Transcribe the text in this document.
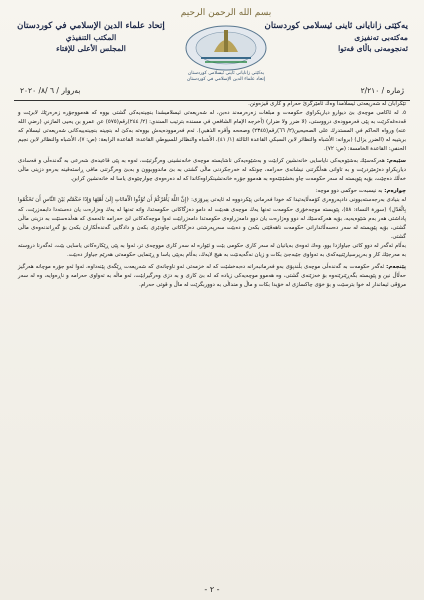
بسم الله الرحمن الرحيم
یەکێتی زانایانی ئاینی ئیسلامی کوردستان
مەکتەبی تەنفیزی
ئەنجومەنی باڵای فەتوا
یەکێتی زانایانی ئاینی ئیسلامی کوردستان
إتحاد علماء الدين الإسلامي في كوردستان
إتحاد علماء الدين الإسلامي في كوردستان
المكتب التنفيذي
المجلس الأعلى للإفتاء
ژمارە / ٢/٢١٠
بەروار / ٦ /٨/ ٢٠٢٠

تێکرابان لە شەریعەتی ئیسلامدا وەك ئامێرگرێ حەرام و کاری قیزەونن.

٥. لە ئاکامی موچەی بێ دیوارو دیاریکراوی حکومەت و مبلغات زەرەرمەند دەبن، لە شەریعەتی ئیسلامیشدا بنچینەیەکی گشتی بووە کە هەمووجۆرە زەرەرێك لابرێت و قەدەغەکرێت بە پێی فەرموودەی درووستی، (لا ضرر ولا ضرار) (أخرجه الإمام الشافعي في مسنده بترتيب السندي: (٢/ ٢٤٤)رقم(٥٧٥) عن عمرو بن يحيى المازني (رضي الله عنه) ورواه الحاكم في المستدرك على الصحيحين(٢/ ٦٦)رقم(٢٣٤٥) وصححه وأقره الذهبي). ئەم فەرموودەیەش بووەتە بەکێ لە بنچینە بنچینەییەکانی شەریعەتی ئیسلام کە بریتییە لە (الضرر يزال) (بروانە: الأشباه والنظائر لابن السبكي القاعدة الثالثة (١/ ٤١)، الأشباه والنظائر للسيوطي القاعدة: القاعدة الرابعة: (ص: ٧)، الأشباه والنظائر لابن نجيم الحنفي: القاعدة الخامسة: (ص: ٧٢).

سێیەم: هەرکەسێك بەشێوەیەکی نایاسایی خانەنشین کرابێت و بەشێوەیەکی ناشایستە موچەی خانەنشینی وەرگرتبێت، ئەوە بە پێی قاعیدەی شەرعی بە گەندەڵی و فەسادی دیاریکراو دەژمێردرێت و بە تاوانی هەڵگرتنی نیشانەی حەرامە، چونکە لە خەرجکردنی ماڵی گشتی بە بێ ماندووبوون و بەبێ وەرگرتنی مافی ڕاستەقینە بەرەو دزینی ماڵی خەڵك دەچێت، بۆیە پێویستە لە سەر حکومەت چاو بخشێنێتەوە بە هەموو جۆرە خانەنشینکراوەکاندا کە لە دەرەوەی چوارچێوەی یاسا لە خانەنشین کرابن.

چوارەم: بە نیسبەت حوکمی دوو موچە:

لە بنیادی بەرجەستەبوونی دادپەروەری کۆمەڵایەتیدا کە خودا فەرمانی پێکردووە لە ئایەتی پیرۆزی: ﴿إِنَّ اللَّهَ يَأْمُرُكُمْ أَن تُؤَدُّوا الْأَمَانَاتِ إِلَىٰ أَهْلِهَا وَإِذَا حَكَمْتُم بَيْنَ النَّاسِ أَن تَحْكُمُوا بِالْعَدْلِ﴾ (سورة النساء: ٥٨)، پێویستە موچەخۆری حکومەت تەنها یەك موچەی هەبێت لە دامو دەزگاکانی حکومەتدا، واتە تەنها لە یەك وەزارەت یان دەستەدا دابمەزرێت، کە پاداشتی هەر بەم شێوەیەیە، بۆیە هەرکەسێك لە دوو وەزارەت یان دوو دامەزراوەی حکومەتدا دامەزرابێت ئەوا موچەکەکانی لێ حەرامە تائەمەی کە هەڵدەستێت بە دزینی ماڵی گشتی، بۆیە پێویستە لە سەر دەسەڵاتدارانی حکومەت ناهەقێتی بکەن و دەبێت سەرپەرشتی دەزگاکانی چاودێری بکەن و دادگایی گەندەڵکاران بکەن بۆ گەڕاندنەوەی ماڵی گشتی.

بەڵام ئەگەر لە دوو کاتی جیاوازدا بوو، وەك ئەوەی بەیانیان لە سەر کاری حکومی بێت و ئێوارە لە سەر کاری مووچەی تر، ئەوا بە پێی ڕێکارەکانی یاسایی بێت، ئەگەرنا دروستە بە مەرجێك کار و بەرپرسیارێتییەکەی بە تەواوی جێبەجێ بکات و زیان نەگەیەنێت بە هیچ لایەك، بەڵام بەپێی یاسا و ڕێنمایی حکومەتی هەرێم جیاواز دەبێت.

پێنجەم: ئەگەر حکومەت بە گەندەڵی موچەی بڵندپۆی بەو فەرمانبەرانە دەبەخشێت کە لە خزمەتی ئەو ناوچانەی کە شەریعەت ڕێگەی پێنەداوە، ئەوا ئەو جۆرە موچانە هەرگیز حەڵاڵ نین و پێویستە بگەڕێنرێنەوە بۆ خەزێنەی گشتی، وە هەموو موچەیەکی زیادە کە لە بێ کاری و بە دزی وەرگیرابێت، ئەو ماڵە بە تەواوی حەرامە و ناڕەوایە، وە لە سەر مرۆڤی ئیماندار لە خوا بترسێت و بۆ خۆی چاکسازی لە خۆیدا بکات و ماڵ و منداڵی بە دووربگرێت لە ماڵ و قوتی حەرام.

- ٢ -
